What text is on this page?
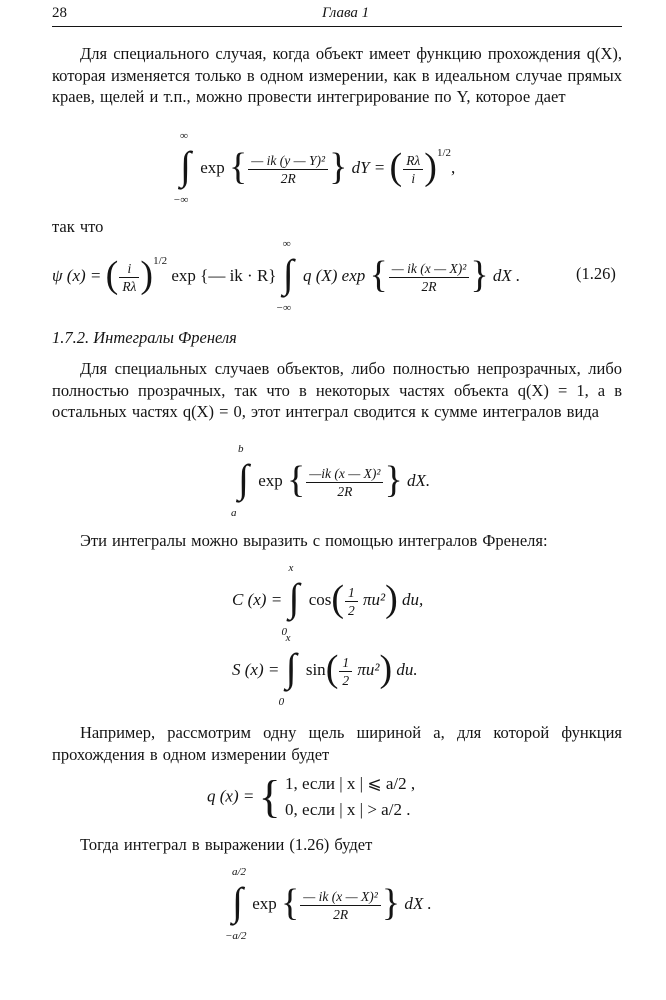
28	Глава 1
Для специального случая, когда объект имеет функцию прохождения q(X), которая изменяется только в одном измерении, как в идеальном случае прямых краев, щелей и т.п., можно провести интегрирование по Y, которое дает
∞
∫
−∞
exp { $\frac{\text{— ik (y — Y)²}}{2R}$ } dY = ( $\frac{R\lambda}{i} )^{1/2}$,
так что
ψ (x) = ( $\frac{i}{R\lambda} )^{1/2}$ exp {— ik · R}
∞
∫
−∞
q (X) exp { $\frac{\text{— ik (x — X)²}}{2R}$ } dX .	(1.26)
1.7.2. Интегралы Френеля
Для специальных случаев объектов, либо полностью непрозрачных, либо полностью прозрачных, так что в некоторых частях объекта q(X) = 1, а в остальных частях q(X) = 0, этот интеграл сводится к сумме интегралов вида
b
∫
a
exp { $\frac{\text{—ik (x — X)²}}{2R}$ } dX.
Эти интегралы можно выразить с помощью интегралов Френеля:
C (x) =
x
∫
0
$\cos( \frac{1}{2} \pi u^2)$ du,
S (x) =
x
∫
0
$\sin( \frac{1}{2} \pi u^2)$ du.
Например, рассмотрим одну щель шириной a, для которой функция прохождения в одном измерении будет
q (x) = { 1, если | x | ⩽ a/2 ,
0, если | x | > a/2 .
Тогда интеграл в выражении (1.26) будет
a/2
∫
−a/2
exp { $\frac{\text{— ik (x — X)²}}{2R}$ } dX .
